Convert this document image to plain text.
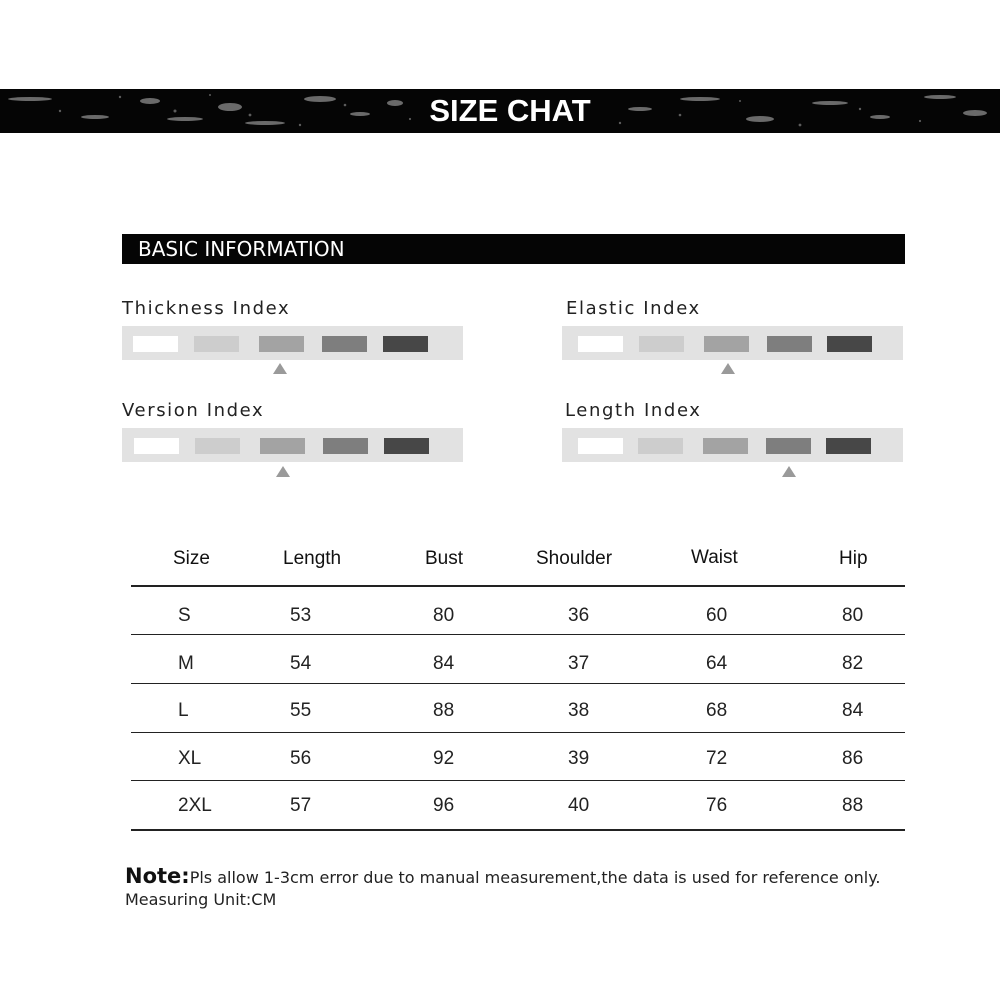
SIZE CHAT
BASIC INFORMATION
Thickness Index	Elastic Index
Version Index	Length Index
Size	Length	Bust	Shoulder	Waist	Hip
S	53	80	36	60	80
M	54	84	37	64	82
L	55	88	38	68	84
XL	56	92	39	72	86
2XL	57	96	40	76	88
Note:Pls allow 1-3cm error due to manual measurement,the data is used for reference only.
Measuring Unit:CM
